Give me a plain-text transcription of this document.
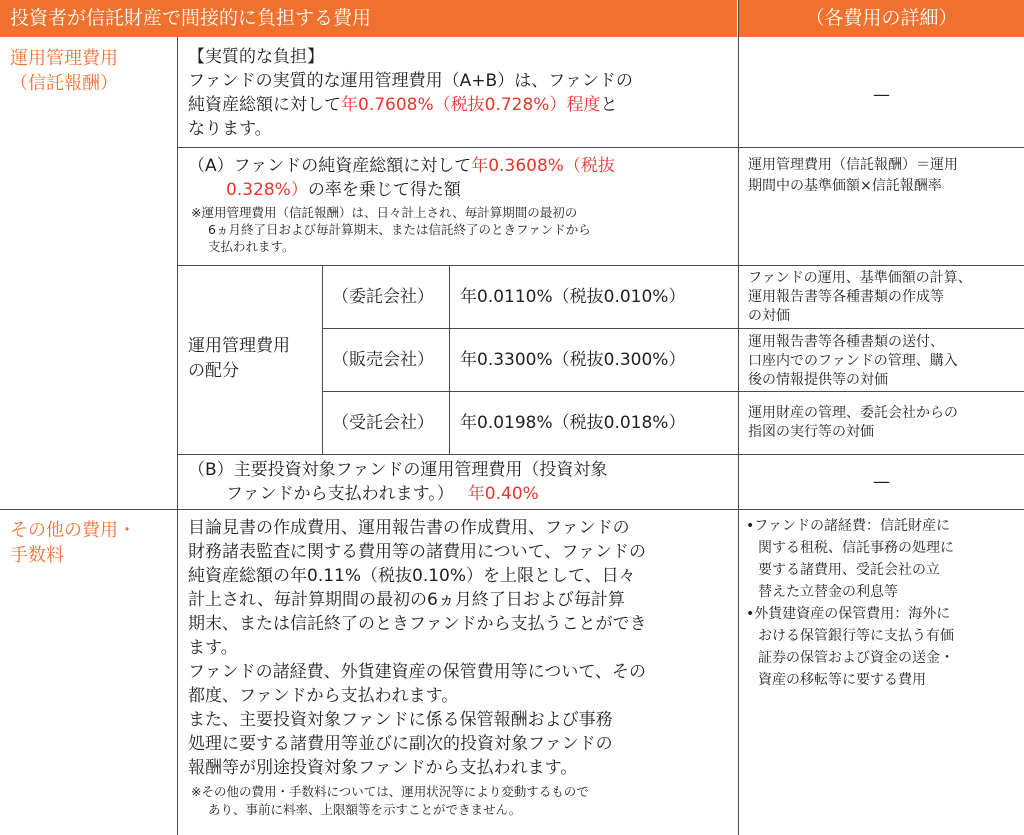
投資者が信託財産で間接的に負担する費用	（各費用の詳細）
運用管理費用
（信託報酬）
【実質的な負担】
ファンドの実質的な運用管理費用（A+B）は、ファンドの
純資産総額に対して年0.7608%（税抜0.728%）程度と
なります。
—
（A）ファンドの純資産総額に対して年0.3608%（税抜
0.328%）の率を乗じて得た額
※運用管理費用（信託報酬）は、日々計上され、毎計算期間の最初の
6ヵ月終了日および毎計算期末、または信託終了のときファンドから
支払われます。
運用管理費用（信託報酬）＝運用
期間中の基準価額×信託報酬率
運用管理費用
の配分
（委託会社） 年0.0110%（税抜0.010%）
ファンドの運用、基準価額の計算、
運用報告書等各種書類の作成等
の対価
（販売会社） 年0.3300%（税抜0.300%）
運用報告書等各種書類の送付、
口座内でのファンドの管理、購入
後の情報提供等の対価
（受託会社） 年0.0198%（税抜0.018%）	運用財産の管理、委託会社からの
指図の実行等の対価
（B）主要投資対象ファンドの運用管理費用（投資対象
ファンドから支払われます。） 年0.40%
—
その他の費用・
手数料
目論見書の作成費用、運用報告書の作成費用、ファンドの
財務諸表監査に関する費用等の諸費用について、ファンドの
純資産総額の年0.11%（税抜0.10%）を上限として、日々
計上され、毎計算期間の最初の6ヵ月終了日および毎計算
期末、または信託終了のときファンドから支払うことができ
ます。
ファンドの諸経費、外貨建資産の保管費用等について、その
都度、ファンドから支払われます。
また、主要投資対象ファンドに係る保管報酬および事務
処理に要する諸費用等並びに副次的投資対象ファンドの
報酬等が別途投資対象ファンドから支払われます。
※その他の費用・手数料については、運用状況等により変動するもので
あり、事前に料率、上限額等を示すことができません。
•ファンドの諸経費：信託財産に
関する租税、信託事務の処理に
要する諸費用、受託会社の立
替えた立替金の利息等
•外貨建資産の保管費用：海外に
おける保管銀行等に支払う有価
証券の保管および資金の送金・
資産の移転等に要する費用
